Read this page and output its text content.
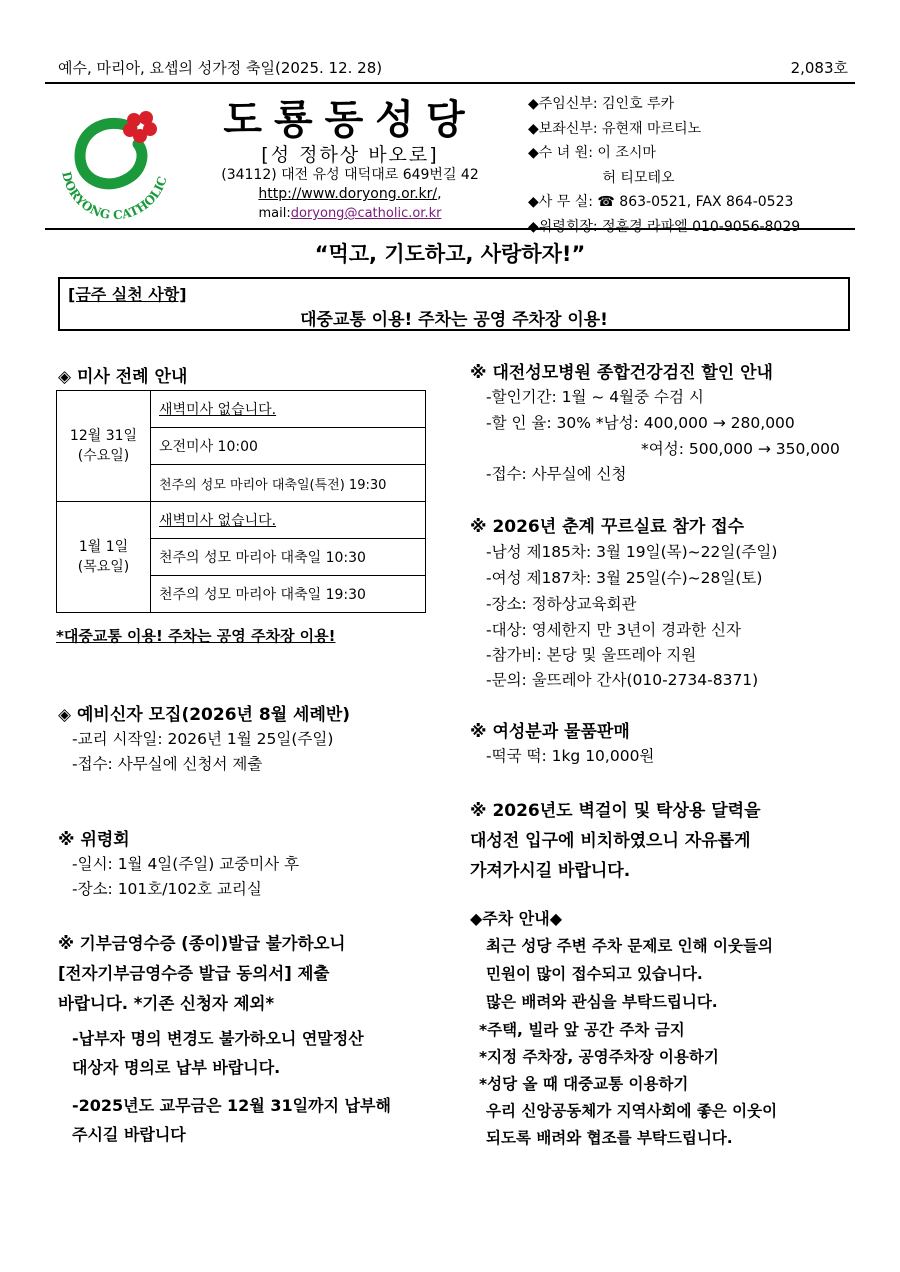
예수, 마리아, 요셉의 성가정 축일(2025. 12. 28)	2,083호
DORYONG CATHOLIC
도룡동성당
[성 정하상 바오로]
(34112) 대전 유성 대덕대로 649번길 42
http://www.doryong.or.kr/,
mail:doryong@catholic.or.kr
◆주임신부: 김인호 루카
◆보좌신부: 유현재 마르티노
◆수 녀 원: 이 조시마
　　　　　 허 티모테오
◆사 무 실: ☎ 863-0521, FAX 864-0523
◆위령회장: 정훈경 라파엘 010-9056-8029
“먹고, 기도하고, 사랑하자!”
[금주 실천 사항]
대중교통 이용! 주차는 공영 주차장 이용!
◈ 미사 전례 안내
12월 31일
(수요일)	새벽미사 없습니다.
	오전미사 10:00
	천주의 성모 마리아 대축일(특전) 19:30

1월 1일
(목요일)	새벽미사 없습니다.
	천주의 성모 마리아 대축일 10:30
	천주의 성모 마리아 대축일 19:30
*대중교통 이용! 주차는 공영 주차장 이용!
◈ 예비신자 모집(2026년 8월 세례반)
-교리 시작일: 2026년 1월 25일(주일)
-접수: 사무실에 신청서 제출
※ 위령회
-일시: 1월 4일(주일) 교중미사 후
-장소: 101호/102호 교리실
※ 기부금영수증 (종이)발급 불가하오니
[전자기부금영수증 발급 동의서] 제출
바랍니다. *기존 신청자 제외*
-납부자 명의 변경도 불가하오니 연말정산
대상자 명의로 납부 바랍니다.
-2025년도 교무금은 12월 31일까지 납부해
주시길 바랍니다
※ 대전성모병원 종합건강검진 할인 안내
-할인기간: 1월 ~ 4월중 수검 시
-할 인 율: 30% *남성: 400,000 → 280,000
*여성: 500,000 → 350,000
-접수: 사무실에 신청
※ 2026년 춘계 꾸르실료 참가 접수
-남성 제185차: 3월 19일(목)~22일(주일)
-여성 제187차: 3월 25일(수)~28일(토)
-장소: 정하상교육회관
-대상: 영세한지 만 3년이 경과한 신자
-참가비: 본당 및 울뜨레아 지원
-문의: 울뜨레아 간사(010-2734-8371)
※ 여성분과 물품판매
-떡국 떡: 1kg 10,000원
※ 2026년도 벽걸이 및 탁상용 달력을
대성전 입구에 비치하였으니 자유롭게
가져가시길 바랍니다.
◆주차 안내◆
최근 성당 주변 주차 문제로 인해 이웃들의
민원이 많이 접수되고 있습니다.
많은 배려와 관심을 부탁드립니다.
*주택, 빌라 앞 공간 주차 금지
*지정 주차장, 공영주차장 이용하기
*성당 올 때 대중교통 이용하기
우리 신앙공동체가 지역사회에 좋은 이웃이
되도록 배려와 협조를 부탁드립니다.
